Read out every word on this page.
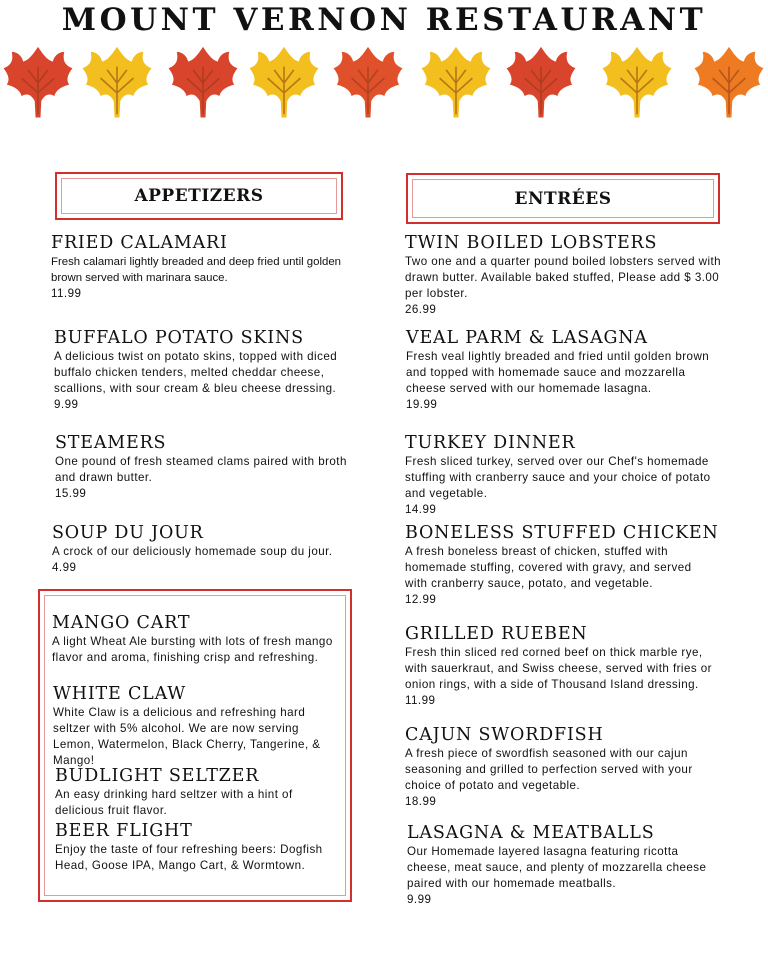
MOUNT VERNON RESTAURANT
APPETIZERS	ENTRÉES
FRIED CALAMARI
Fresh calamari lightly breaded and deep fried until golden brown served with marinara sauce.
11.99
BUFFALO POTATO SKINS
A delicious twist on potato skins, topped with diced buffalo chicken tenders, melted cheddar cheese, scallions, with sour cream & bleu cheese dressing.
9.99
STEAMERS
One pound of fresh steamed clams paired with broth and drawn butter.
15.99
SOUP DU JOUR
A crock of our deliciously homemade soup du jour.
4.99
MANGO CART
A light Wheat Ale bursting with lots of fresh mango flavor and aroma, finishing crisp and refreshing.
WHITE CLAW
White Claw is a delicious and refreshing hard seltzer with 5% alcohol. We are now serving Lemon, Watermelon, Black Cherry, Tangerine, & Mango!
BUDLIGHT SELTZER
An easy drinking hard seltzer with a hint of delicious fruit flavor.
BEER FLIGHT
Enjoy the taste of four refreshing beers: Dogfish Head, Goose IPA, Mango Cart, & Wormtown.
TWIN BOILED LOBSTERS
Two one and a quarter pound boiled lobsters served with drawn butter. Available baked stuffed, Please add $ 3.00 per lobster.
26.99
VEAL PARM & LASAGNA
Fresh veal lightly breaded and fried until golden brown and topped with homemade sauce and mozzarella cheese served with our homemade lasagna.
19.99
TURKEY DINNER
Fresh sliced turkey, served over our Chef's homemade stuffing with cranberry sauce and your choice of potato and vegetable.
14.99
BONELESS STUFFED CHICKEN
A fresh boneless breast of chicken, stuffed with homemade stuffing, covered with gravy, and served with cranberry sauce, potato, and vegetable.
12.99
GRILLED RUEBEN
Fresh thin sliced red corned beef on thick marble rye, with sauerkraut, and Swiss cheese, served with fries or onion rings, with a side of Thousand Island dressing.
11.99
CAJUN SWORDFISH
A fresh piece of swordfish seasoned with our cajun seasoning and grilled to perfection served with your choice of potato and vegetable.
18.99
LASAGNA & MEATBALLS
Our Homemade layered lasagna featuring ricotta cheese, meat sauce, and plenty of mozzarella cheese paired with our homemade meatballs.
9.99
